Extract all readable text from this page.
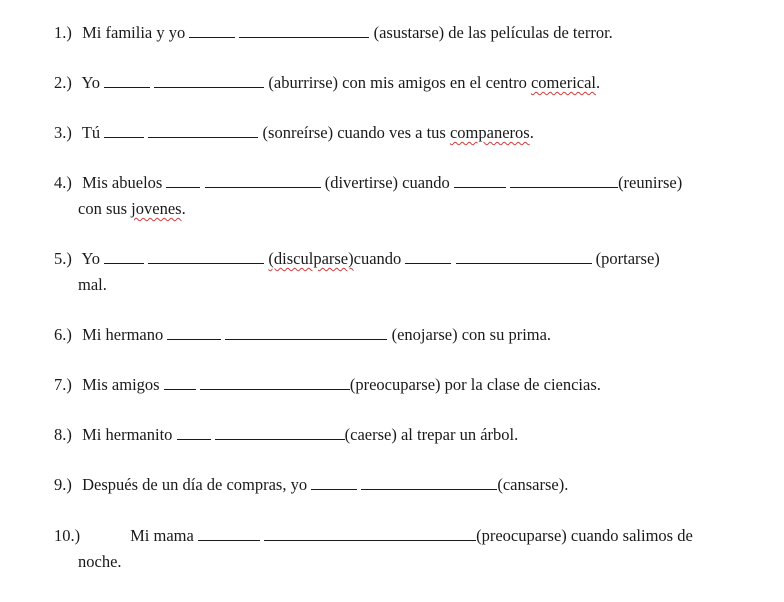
1.) Mi familia y yo	(asustarse) de las películas de terror.
2.) Yo	(aburrirse) con mis amigos en el centro comerical.
3.) Tú	(sonreírse) cuando ves a tus companeros.
4.) Mis abuelos	(divertirse) cuando	(reunirse)
con sus jovenes.
5.) Yo	(disculparse)cuando	(portarse)
mal.
6.) Mi hermano	(enojarse) con su prima.
7.) Mis amigos	(preocuparse) por la clase de ciencias.
8.) Mi hermanito	(caerse) al trepar un árbol.
9.) Después de un día de compras, yo	(cansarse).
10.)	Mi mama	(preocuparse) cuando salimos de
noche.
